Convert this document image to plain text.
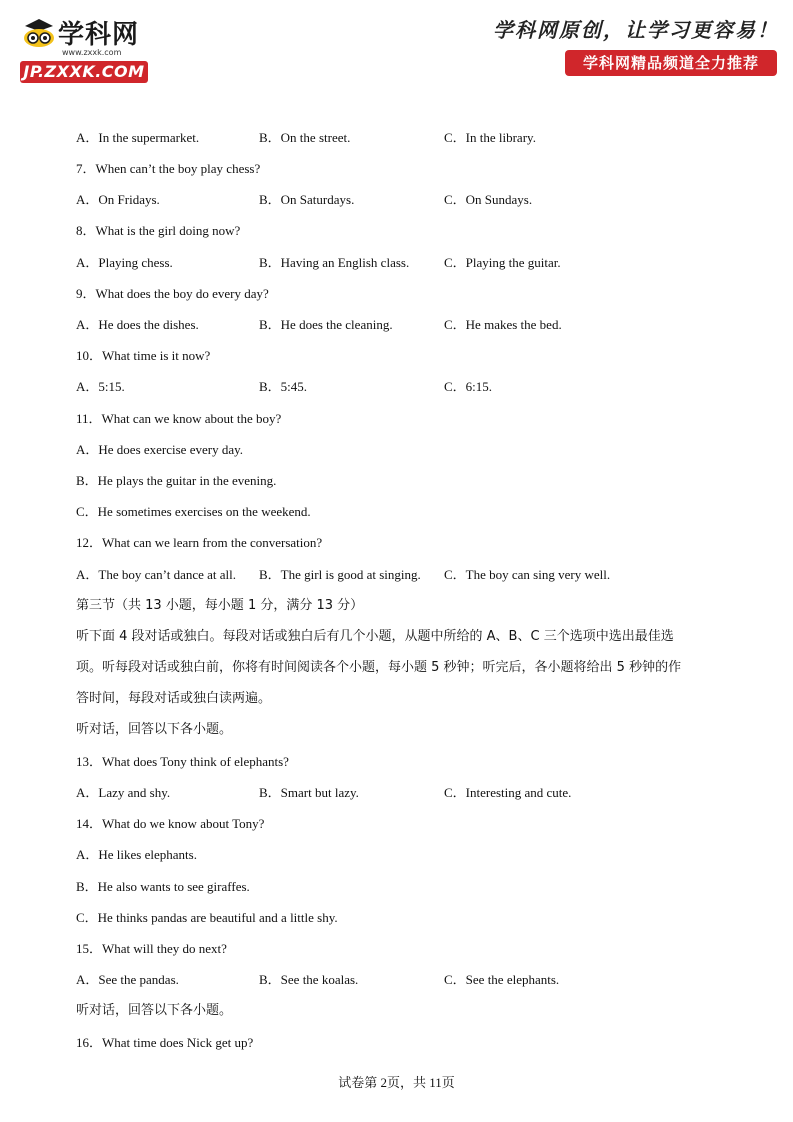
学科网
www.zxxk.com
JP.ZXXK.COM
学科网原创，让学习更容易！
学科网精品频道全力推荐
A．In the supermarket.	B．On the street.	C．In the library.
7．When can’t the boy play chess?
A．On Fridays.	B．On Saturdays.	C．On Sundays.
8．What is the girl doing now?
A．Playing chess.	B．Having an English class.	C．Playing the guitar.
9．What does the boy do every day?
A．He does the dishes.	B．He does the cleaning.	C．He makes the bed.
10．What time is it now?
A．5:15.	B．5:45.	C．6:15.
11．What can we know about the boy?
A．He does exercise every day.
B．He plays the guitar in the evening.
C．He sometimes exercises on the weekend.
12．What can we learn from the conversation?
A．The boy can’t dance at all. B．The girl is good at singing. C．The boy can sing very well.
第三节（共 13 小题，每小题 1 分，满分 13 分）
听下面 4 段对话或独白。每段对话或独白后有几个小题，从题中所给的 A、B、C 三个选项中选出最佳选
项。听每段对话或独白前，你将有时间阅读各个小题，每小题 5 秒钟；听完后，各小题将给出 5 秒钟的作
答时间，每段对话或独白读两遍。
听对话，回答以下各小题。
13．What does Tony think of elephants?
A．Lazy and shy.	B．Smart but lazy.	C．Interesting and cute.
14．What do we know about Tony?
A．He likes elephants.
B．He also wants to see giraffes.
C．He thinks pandas are beautiful and a little shy.
15．What will they do next?
A．See the pandas.	B．See the koalas.	C．See the elephants.
听对话，回答以下各小题。
16．What time does Nick get up?
试卷第 2页，共 11页
